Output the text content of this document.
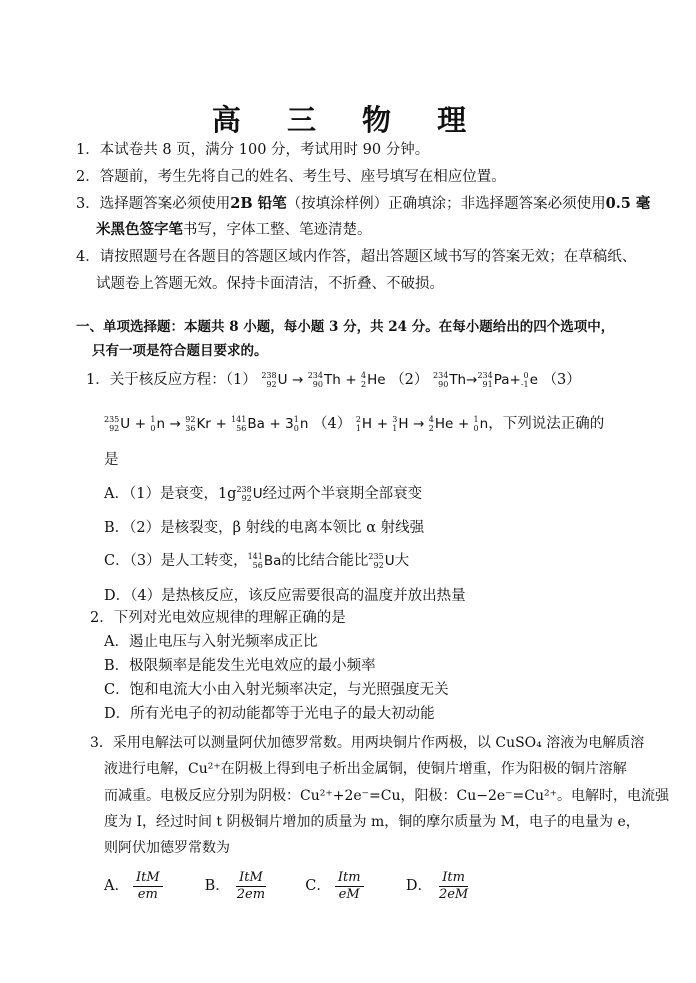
高 三 物 理
1．本试卷共 8 页，满分 100 分，考试用时 90 分钟。
2．答题前，考生先将自己的姓名、考生号、座号填写在相应位置。
3．选择题答案必须使用2B 铅笔（按填涂样例）正确填涂；非选择题答案必须使用0.5 毫
米黑色签字笔书写，字体工整、笔迹清楚。
4．请按照题号在各题目的答题区域内作答，超出答题区域书写的答案无效；在草稿纸、
试题卷上答题无效。保持卡面清洁，不折叠、不破损。
一、单项选择题：本题共 8 小题，每小题 3 分，共 24 分。在每小题给出的四个选项中，
只有一项是符合题目要求的。
1．关于核反应方程：（1） 238
92 U → 234
90 Th + 4
2 He （2） 234
90 Th→ 234
91 Pa+ 0
-1 e （3）
235
92 U + 1
0 n → 92
36 Kr + 141
56 Ba + 3 1
0 n （4） 2
1 H + 3
1 H → 4
2 He + 1
0 n，下列说法正确的
是
A．（1）是衰变，1g 238
92 U经过两个半衰期全部衰变
B．（2）是核裂变，β 射线的电离本领比 α 射线强
C．（3）是人工转变， 141
56 Ba的比结合能比 235
92 U大
D．（4）是热核反应，该反应需要很高的温度并放出热量
2．下列对光电效应规律的理解正确的是
A．遏止电压与入射光频率成正比
B．极限频率是能发生光电效应的最小频率
C．饱和电流大小由入射光频率决定，与光照强度无关
D．所有光电子的初动能都等于光电子的最大初动能
3．采用电解法可以测量阿伏加德罗常数。用两块铜片作两极，以 CuSO₄ 溶液为电解质溶
液进行电解，Cu²⁺在阴极上得到电子析出金属铜，使铜片增重，作为阳极的铜片溶解
而减重。电极反应分别为阴极：Cu²⁺+2e⁻=Cu，阳极：Cu−2e⁻=Cu²⁺。电解时，电流强
度为 I，经过时间 t 阴极铜片增加的质量为 m，铜的摩尔质量为 M，电子的电量为 e，
则阿伏加德罗常数为
A． $\frac{\text{ItM}}{em}$	B． $\frac{\text{ItM}}{2em}$	C． $\frac{\text{Itm}}{eM}$	D． $\frac{\text{Itm}}{2eM}$
